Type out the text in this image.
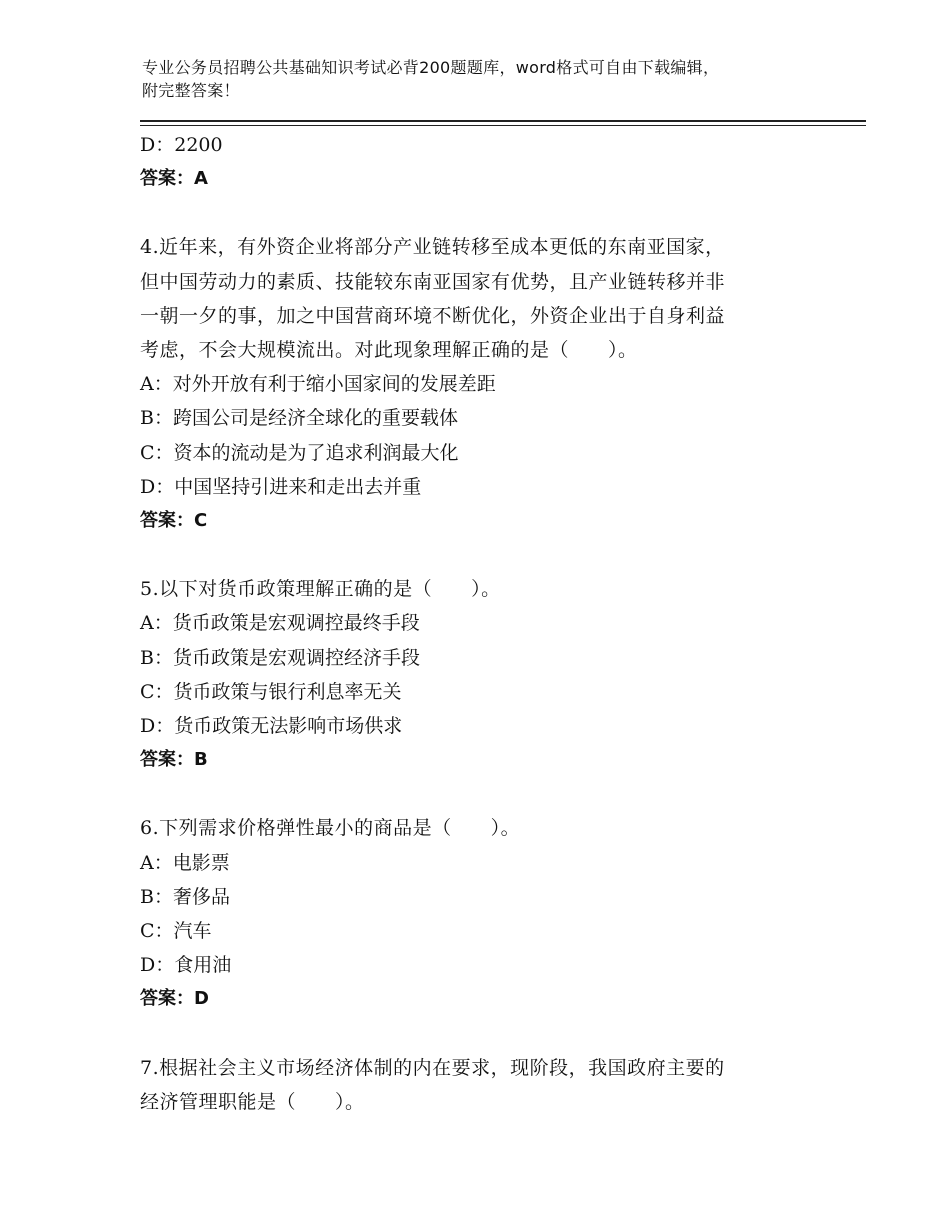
专业公务员招聘公共基础知识考试必背200题题库，word格式可自由下载编辑，
附完整答案！
D：2200
答案：A
4.近年来，有外资企业将部分产业链转移至成本更低的东南亚国家，
但中国劳动力的素质、技能较东南亚国家有优势，且产业链转移并非
一朝一夕的事，加之中国营商环境不断优化，外资企业出于自身利益
考虑，不会大规模流出。对此现象理解正确的是（　　）。
A：对外开放有利于缩小国家间的发展差距
B：跨国公司是经济全球化的重要载体
C：资本的流动是为了追求利润最大化
D：中国坚持引进来和走出去并重
答案：C
5.以下对货币政策理解正确的是（　　）。
A：货币政策是宏观调控最终手段
B：货币政策是宏观调控经济手段
C：货币政策与银行利息率无关
D：货币政策无法影响市场供求
答案：B
6.下列需求价格弹性最小的商品是（　　）。
A：电影票
B：奢侈品
C：汽车
D：食用油
答案：D
7.根据社会主义市场经济体制的内在要求，现阶段，我国政府主要的
经济管理职能是（　　）。
